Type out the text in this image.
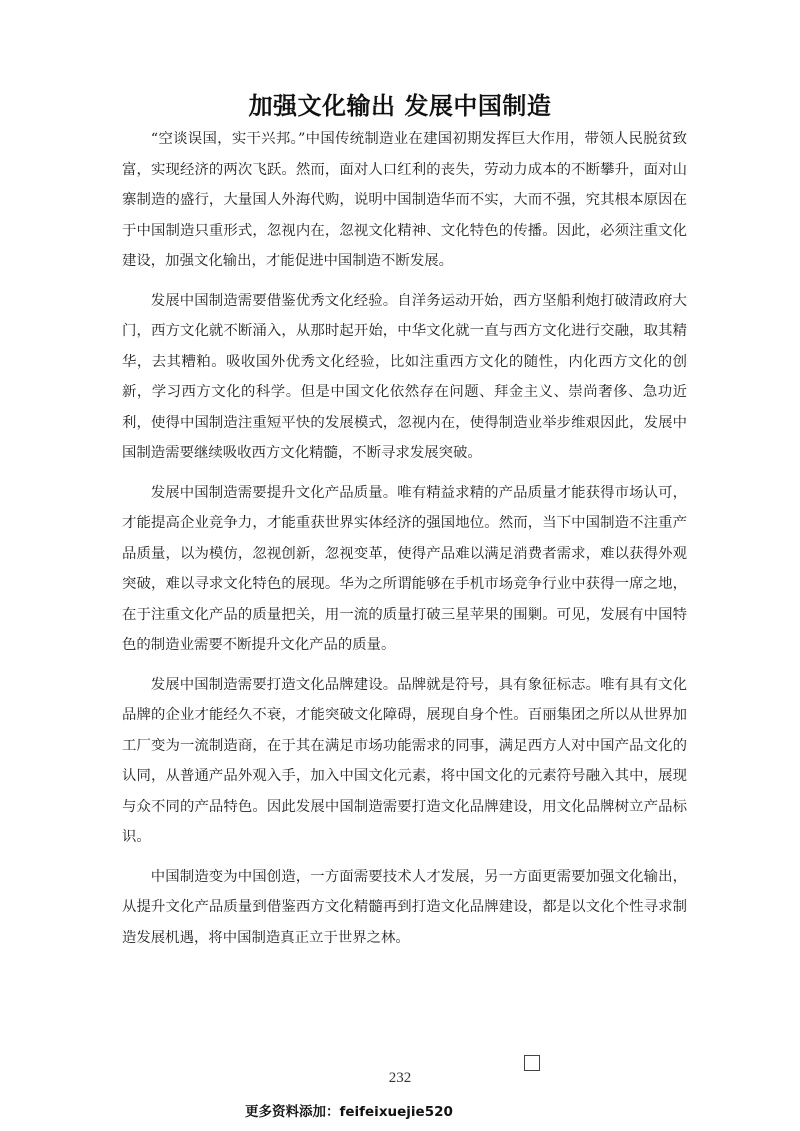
加强文化输出 发展中国制造

“空谈误国，实干兴邦。”中国传统制造业在建国初期发挥巨大作用，带领人民脱贫致富，实现经济的两次飞跃。然而，面对人口红利的丧失，劳动力成本的不断攀升，面对山寨制造的盛行，大量国人外海代购，说明中国制造华而不实，大而不强，究其根本原因在于中国制造只重形式，忽视内在，忽视文化精神、文化特色的传播。因此，必须注重文化建设，加强文化输出，才能促进中国制造不断发展。

发展中国制造需要借鉴优秀文化经验。自洋务运动开始，西方坚船利炮打破清政府大门，西方文化就不断涌入，从那时起开始，中华文化就一直与西方文化进行交融，取其精华，去其糟粕。吸收国外优秀文化经验，比如注重西方文化的随性，内化西方文化的创新，学习西方文化的科学。但是中国文化依然存在问题、拜金主义、崇尚奢侈、急功近利，使得中国制造注重短平快的发展模式，忽视内在，使得制造业举步维艰因此，发展中国制造需要继续吸收西方文化精髓，不断寻求发展突破。

发展中国制造需要提升文化产品质量。唯有精益求精的产品质量才能获得市场认可，才能提高企业竞争力，才能重获世界实体经济的强国地位。然而，当下中国制造不注重产品质量，以为模仿，忽视创新，忽视变革，使得产品难以满足消费者需求，难以获得外观突破，难以寻求文化特色的展现。华为之所谓能够在手机市场竞争行业中获得一席之地，在于注重文化产品的质量把关，用一流的质量打破三星苹果的围剿。可见，发展有中国特色的制造业需要不断提升文化产品的质量。

发展中国制造需要打造文化品牌建设。品牌就是符号，具有象征标志。唯有具有文化品牌的企业才能经久不衰，才能突破文化障碍，展现自身个性。百丽集团之所以从世界加工厂变为一流制造商，在于其在满足市场功能需求的同事，满足西方人对中国产品文化的认同，从普通产品外观入手，加入中国文化元素，将中国文化的元素符号融入其中，展现与众不同的产品特色。因此发展中国制造需要打造文化品牌建设，用文化品牌树立产品标识。

中国制造变为中国创造，一方面需要技术人才发展，另一方面更需要加强文化输出，从提升文化产品质量到借鉴西方文化精髓再到打造文化品牌建设，都是以文化个性寻求制造发展机遇，将中国制造真正立于世界之林。

232
更多资料添加：feifeixuejie520
